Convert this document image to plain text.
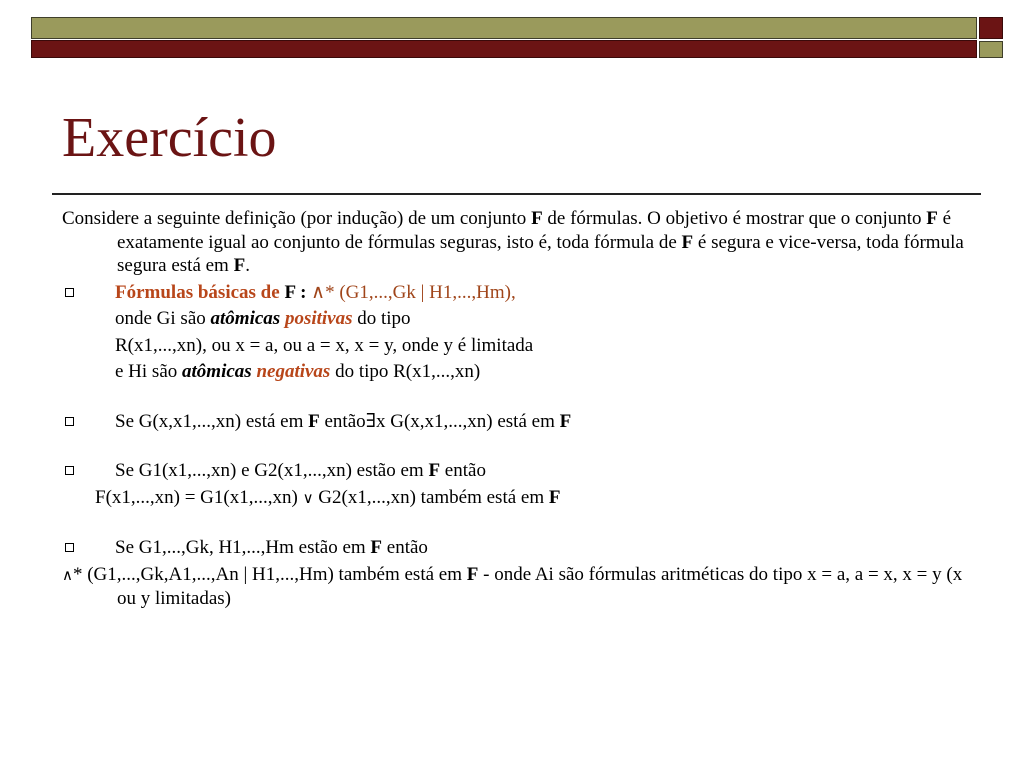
Exercício

Considere a seguinte definição (por indução) de um conjunto F de fórmulas. O objetivo é mostrar que o conjunto F é exatamente igual ao conjunto de fórmulas seguras, isto é, toda fórmula de F é segura e vice-versa, toda fórmula segura está em F.

Fórmulas básicas de F : ∧* (G1,...,Gk | H1,...,Hm),

onde Gi são atômicas positivas do tipo

R(x1,...,xn), ou x = a, ou a = x, x = y, onde y é limitada

e Hi são atômicas negativas do tipo R(x1,...,xn)

Se G(x,x1,...,xn) está em F então∃x G(x,x1,...,xn) está em F

Se G1(x1,...,xn) e G2(x1,...,xn) estão em F então

F(x1,...,xn) = G1(x1,...,xn) ∨ G2(x1,...,xn) também está em F

Se G1,...,Gk, H1,...,Hm estão em F então

∧* (G1,...,Gk,A1,...,An | H1,...,Hm) também está em F - onde Ai são fórmulas aritméticas do tipo x = a, a = x, x = y (x ou y limitadas)
